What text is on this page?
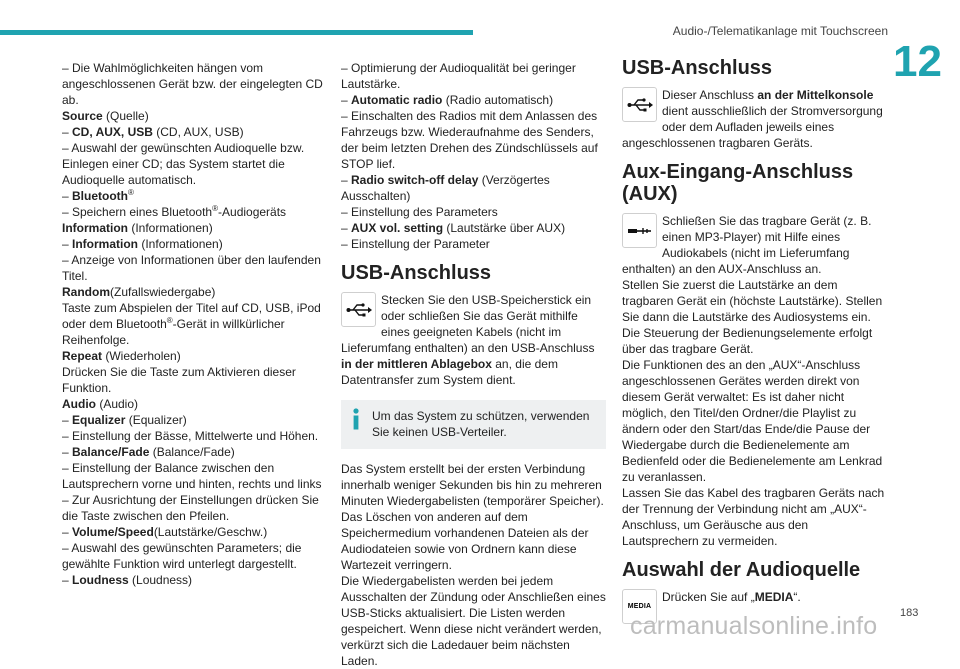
Audio-/Telematikanlage mit Touchscreen
12

– Die Wahlmöglichkeiten hängen vom angeschlossenen Gerät bzw. der eingelegten CD ab.

Source (Quelle)

– CD, AUX, USB (CD, AUX, USB)

– Auswahl der gewünschten Audioquelle bzw. Einlegen einer CD; das System startet die Audioquelle automatisch.

– Bluetooth®

– Speichern eines Bluetooth®-Audiogeräts

Information (Informationen)

– Information (Informationen)

– Anzeige von Informationen über den laufenden Titel.

Random(Zufallswiedergabe)

Taste zum Abspielen der Titel auf CD, USB, iPod oder dem Bluetooth®-Gerät in willkürlicher Reihenfolge.

Repeat (Wiederholen)

Drücken Sie die Taste zum Aktivieren dieser Funktion.

Audio (Audio)

– Equalizer (Equalizer)

– Einstellung der Bässe, Mittelwerte und Höhen.

– Balance/Fade (Balance/Fade)

– Einstellung der Balance zwischen den Lautsprechern vorne und hinten, rechts und links

– Zur Ausrichtung der Einstellungen drücken Sie die Taste zwischen den Pfeilen.

– Volume/Speed(Lautstärke/Geschw.)

– Auswahl des gewünschten Parameters; die gewählte Funktion wird unterlegt dargestellt.

– Loudness (Loudness)

– Optimierung der Audioqualität bei geringer Lautstärke.

– Automatic radio (Radio automatisch)

– Einschalten des Radios mit dem Anlassen des Fahrzeugs bzw. Wiederaufnahme des Senders, der beim letzten Drehen des Zündschlüssels auf STOP lief.

– Radio switch-off delay (Verzögertes Ausschalten)

– Einstellung des Parameters

– AUX vol. setting (Lautstärke über AUX)

– Einstellung der Parameter

USB-Anschluss

Stecken Sie den USB-Speicherstick ein oder schließen Sie das Gerät mithilfe eines geeigneten Kabels (nicht im Lieferumfang enthalten) an den USB-Anschluss in der mittleren Ablagebox an, die dem Datentransfer zum System dient.

Um das System zu schützen, verwenden Sie keinen USB-Verteiler.

Das System erstellt bei der ersten Verbindung innerhalb weniger Sekunden bis hin zu mehreren Minuten Wiedergabelisten (temporärer Speicher).

Das Löschen von anderen auf dem Speichermedium vorhandenen Dateien als der Audiodateien sowie von Ordnern kann diese Wartezeit verringern.

Die Wiedergabelisten werden bei jedem Ausschalten der Zündung oder Anschließen eines USB-Sticks aktualisiert. Die Listen werden gespeichert. Wenn diese nicht verändert werden, verkürzt sich die Ladedauer beim nächsten Laden.

USB-Anschluss

Dieser Anschluss an der Mittelkonsole dient ausschließlich der Stromversorgung oder dem Aufladen jeweils eines angeschlossenen tragbaren Geräts.

Aux-Eingang-Anschluss (AUX)

Schließen Sie das tragbare Gerät (z. B. einen MP3-Player) mit Hilfe eines Audiokabels (nicht im Lieferumfang enthalten) an den AUX-Anschluss an.

Stellen Sie zuerst die Lautstärke an dem tragbaren Gerät ein (höchste Lautstärke). Stellen Sie dann die Lautstärke des Audiosystems ein.

Die Steuerung der Bedienungselemente erfolgt über das tragbare Gerät.

Die Funktionen des an den „AUX“-Anschluss angeschlossenen Gerätes werden direkt von diesem Gerät verwaltet: Es ist daher nicht möglich, den Titel/den Ordner/die Playlist zu ändern oder den Start/das Ende/die Pause der Wiedergabe durch die Bedienelemente am Bedienfeld oder die Bedienelemente am Lenkrad zu veranlassen.

Lassen Sie das Kabel des tragbaren Geräts nach der Trennung der Verbindung nicht am „AUX“-Anschluss, um Geräusche aus den Lautsprechern zu vermeiden.

Auswahl der Audioquelle
MEDIA

Drücken Sie auf „MEDIA“.

183
carmanualsonline.info
